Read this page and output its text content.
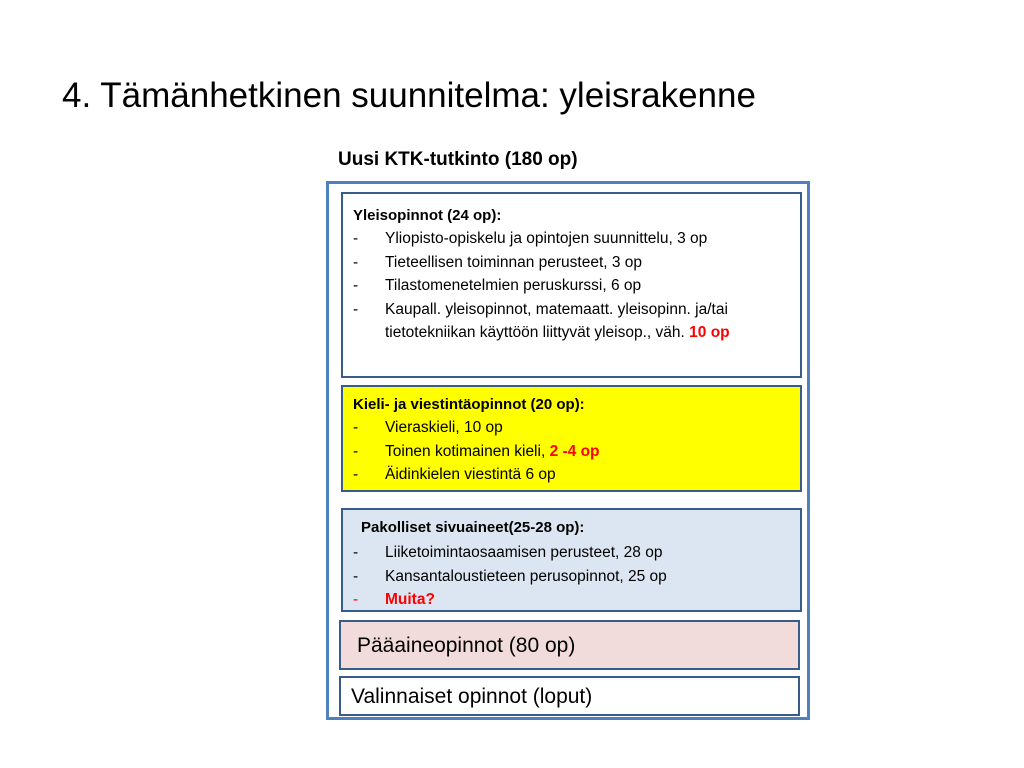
4. Tämänhetkinen suunnitelma: yleisrakenne
Uusi KTK-tutkinto (180 op)
Yleisopinnot (24 op):
- Yliopisto-opiskelu ja opintojen suunnittelu, 3 op
- Tieteellisen toiminnan perusteet, 3 op
- Tilastomenetelmien peruskurssi, 6 op
- Kaupall. yleisopinnot, matemaatt. yleisopinn. ja/tai tietotekniikan käyttöön liittyvät yleisop., väh. 10 op
Kieli- ja viestintäopinnot (20 op):
- Vieraskieli, 10 op
- Toinen kotimainen kieli, 2 -4 op
- Äidinkielen viestintä 6 op
Pakolliset sivuaineet(25-28 op):
- Liiketoimintaosaamisen perusteet, 28 op
- Kansantaloustieteen perusopinnot, 25 op
- Muita?
Pääaineopinnot (80 op)
Valinnaiset opinnot (loput)
